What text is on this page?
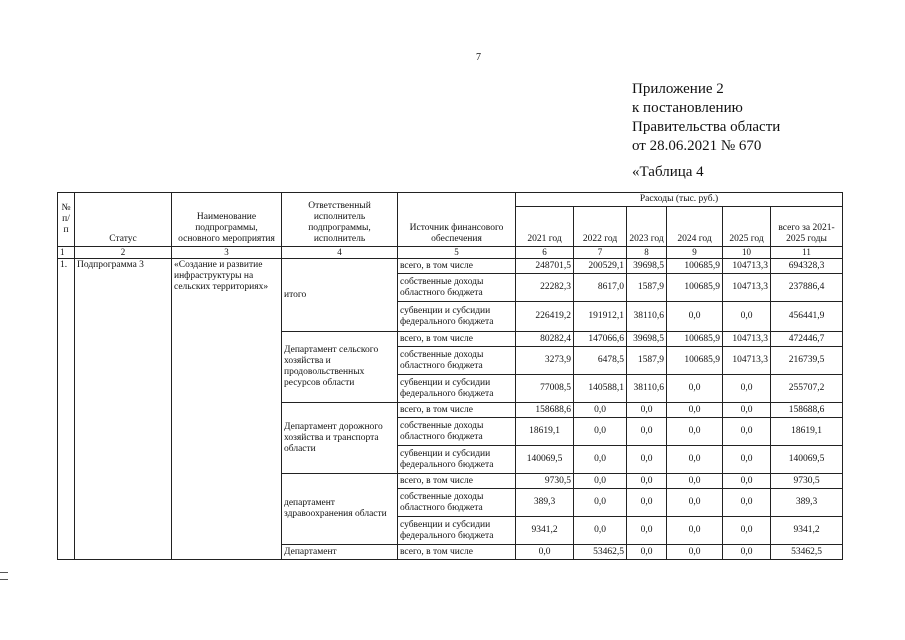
7
Приложение 2
к постановлению
Правительства области
от 28.06.2021 № 670
«Таблица 4
№ п/ п	Статус	Наименование подпрограммы, основного мероприятия	Ответственный исполнитель подпрограммы, исполнитель	Источник финансового обеспечения	Расходы (тыс. руб.)					
					2021 год	2022 год	2023 год	2024 год	2025 год	всего за 2021-2025 годы
1	2	3	4	5	6	7	8	9	10	11
1.	Подпрограмма 3	«Создание и развитие инфраструктуры на сельских территориях»	итого	всего, в том числе	248701,5	200529,1	39698,5	100685,9	104713,3	694328,3
				собственные доходы областного бюджета	22282,3	8617,0	1587,9	100685,9	104713,3	237886,4
				субвенции и субсидии федерального бюджета	226419,2	191912,1	38110,6	0,0	0,0	456441,9
			Департамент сельского хозяйства и продовольственных ресурсов области	всего, в том числе	80282,4	147066,6	39698,5	100685,9	104713,3	472446,7
				собственные доходы областного бюджета	3273,9	6478,5	1587,9	100685,9	104713,3	216739,5
				субвенции и субсидии федерального бюджета	77008,5	140588,1	38110,6	0,0	0,0	255707,2
			Департамент дорожного хозяйства и транспорта области	всего, в том числе	158688,6	0,0	0,0	0,0	0,0	158688,6
				собственные доходы областного бюджета	18619,1	0,0	0,0	0,0	0,0	18619,1
				субвенции и субсидии федерального бюджета	140069,5	0,0	0,0	0,0	0,0	140069,5
			департамент здравоохранения области	всего, в том числе	9730,5	0,0	0,0	0,0	0,0	9730,5
				собственные доходы областного бюджета	389,3	0,0	0,0	0,0	0,0	389,3
				субвенции и субсидии федерального бюджета	9341,2	0,0	0,0	0,0	0,0	9341,2
			Департамент	всего, в том числе	0,0	53462,5	0,0	0,0	0,0	53462,5
